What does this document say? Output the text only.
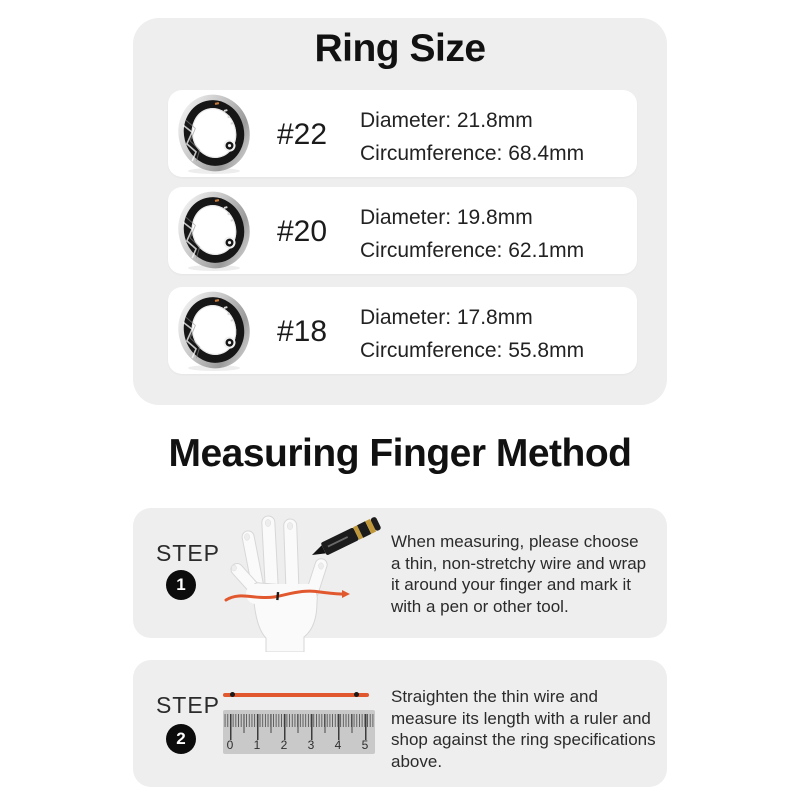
Ring Size
#22	Diameter: 21.8mm
Circumference: 68.4mm
#20	Diameter: 19.8mm
Circumference: 62.1mm
#18	Diameter: 17.8mm
Circumference: 55.8mm
Measuring Finger Method
STEP
1
When measuring, please choose
a thin, non-stretchy wire and wrap
it around your finger and mark it
with a pen or other tool.
STEP
2	0 1 2 3 4 5
Straighten the thin wire and
measure its length with a ruler and
shop against the ring specifications
above.
